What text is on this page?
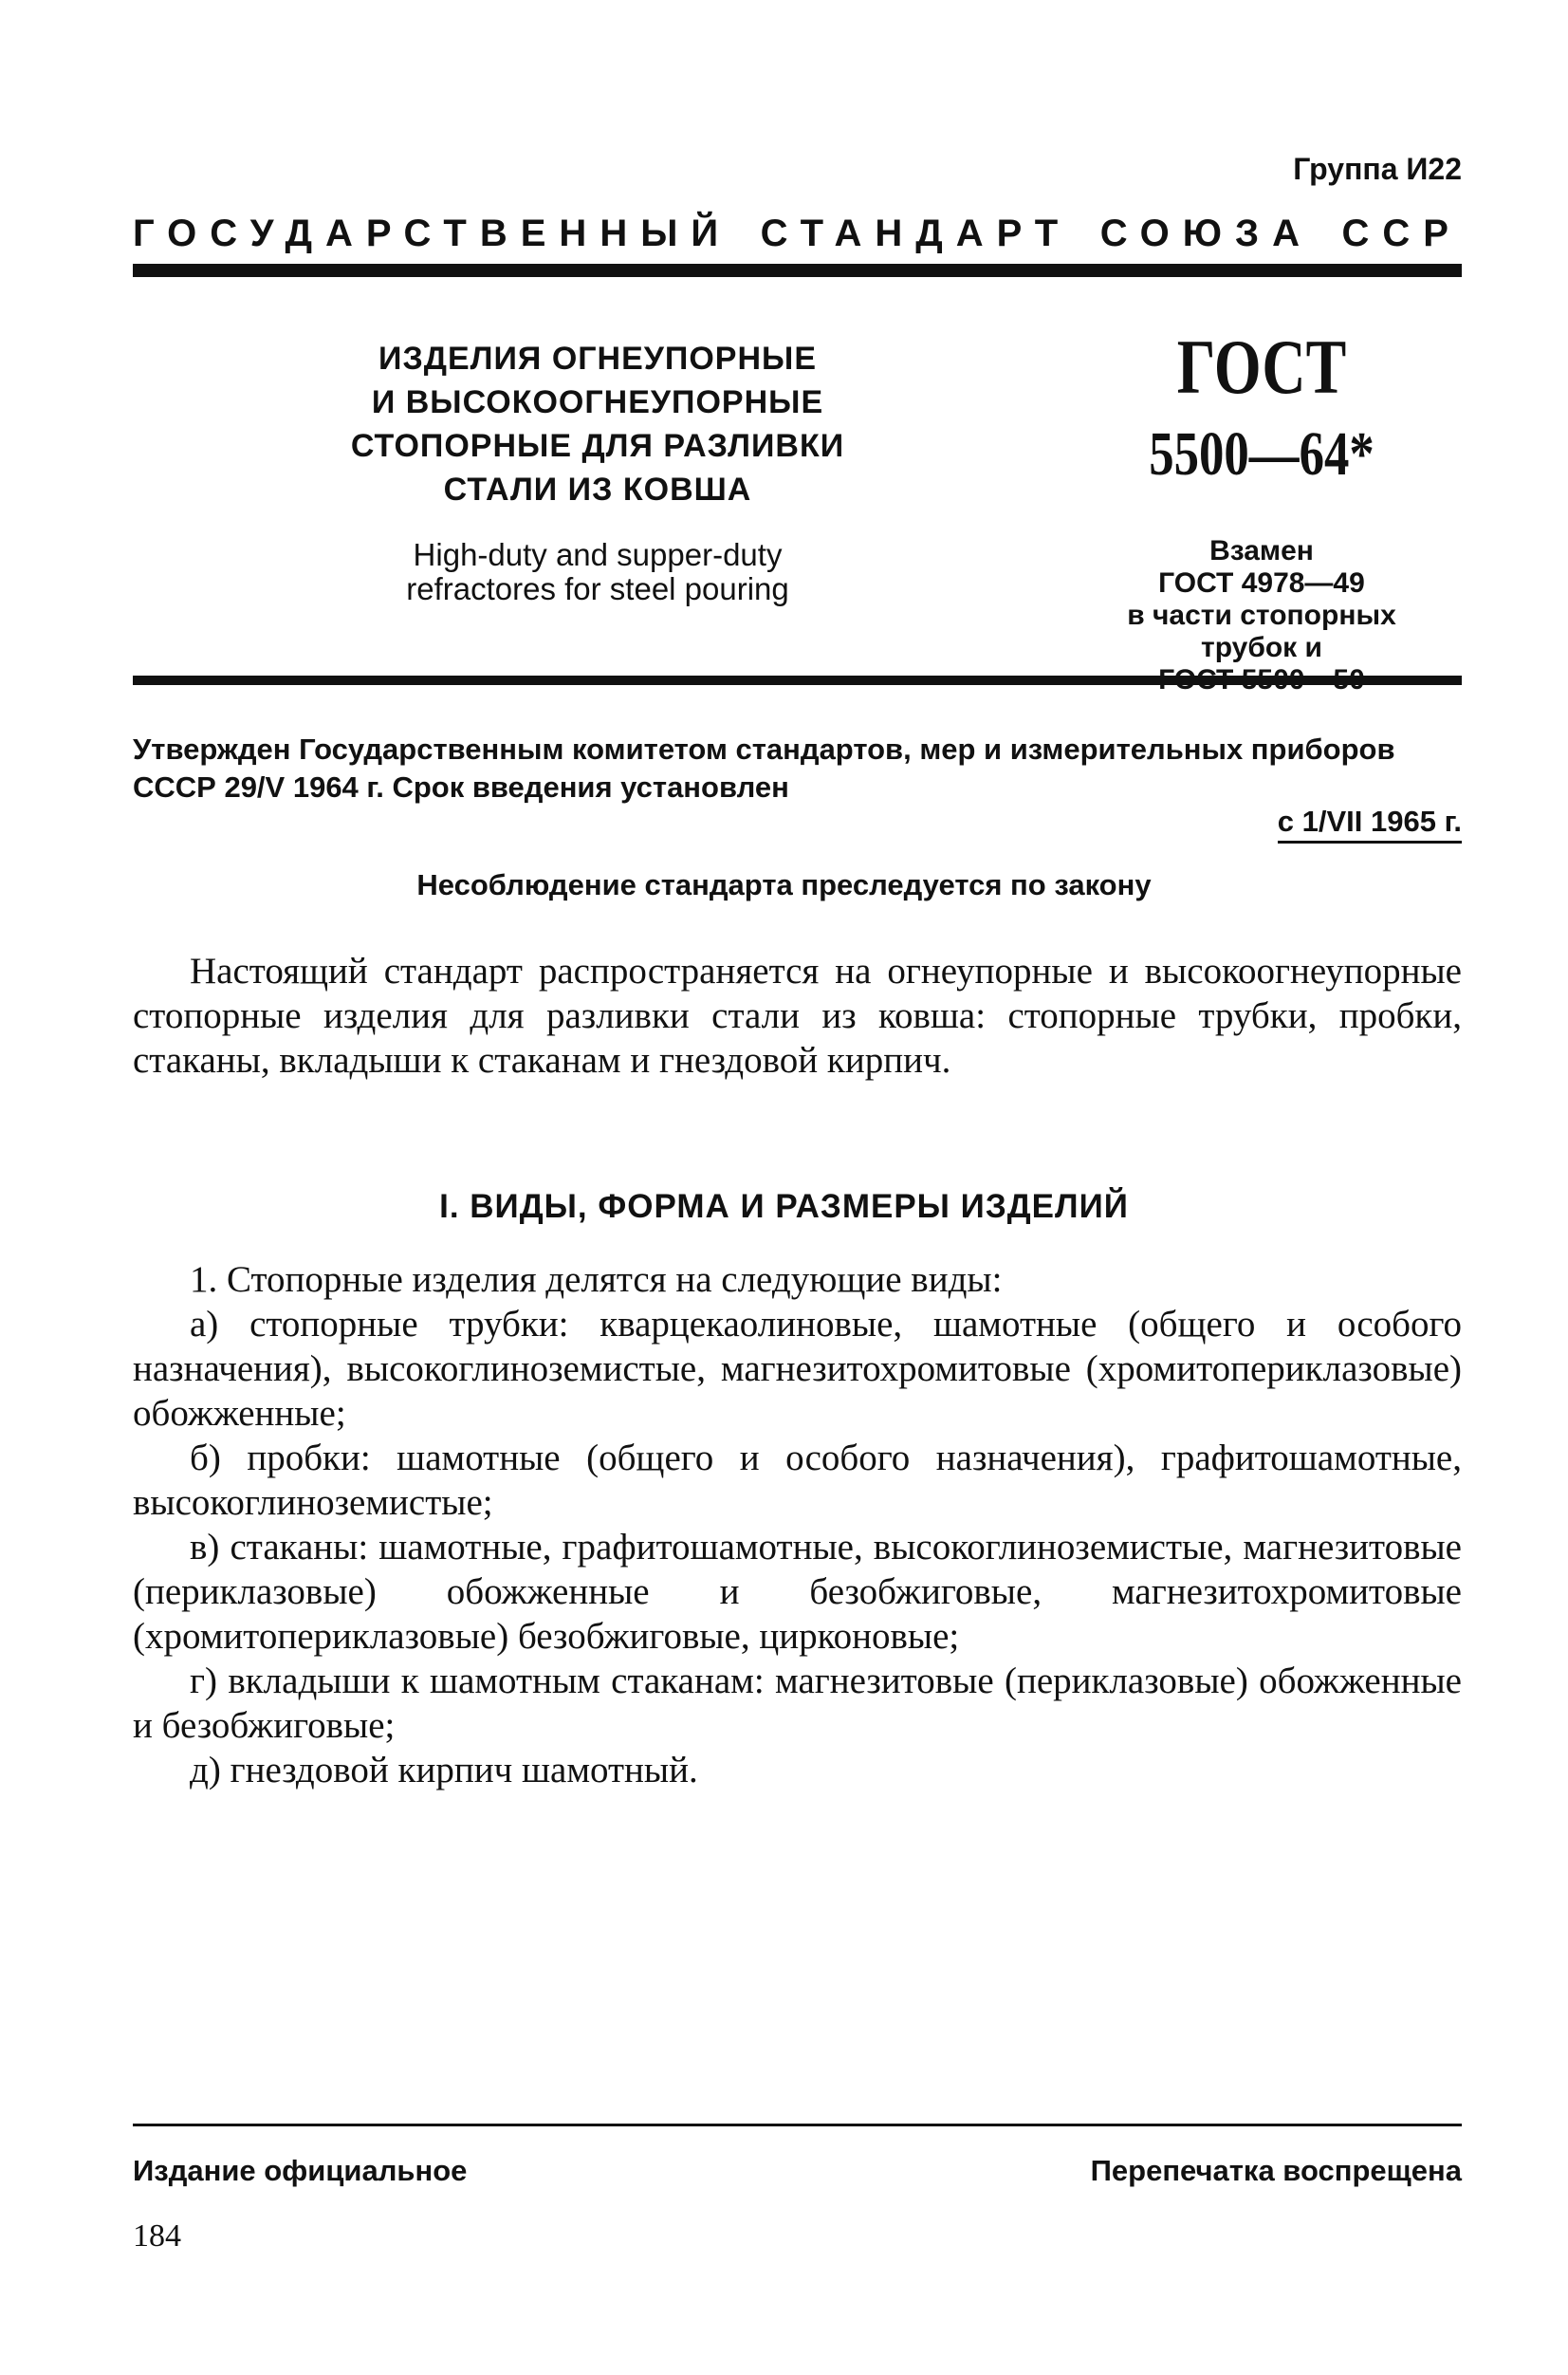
Группа И22
ГОСУДАРСТВЕННЫЙ СТАНДАРТ СОЮЗА ССР
ИЗДЕЛИЯ ОГНЕУПОРНЫЕ
И ВЫСОКООГНЕУПОРНЫЕ
СТОПОРНЫЕ ДЛЯ РАЗЛИВКИ
СТАЛИ ИЗ КОВША
High-duty and supper-duty
refractores for steel pouring
ГОСТ
5500—64*
Взамен
ГОСТ 4978—49
в части стопорных
трубок и
Утвержден Государственным комитетом стандартов, мер и измерительных приборов СССР 29/V 1964 г. Срок введения установлен
с 1/VII 1965 г.
Несоблюдение стандарта преследуется по закону
Настоящий стандарт распространяется на огнеупорные и высокоогнеупорные стопорные изделия для разливки стали из ковша: стопорные трубки, пробки, стаканы, вкладыши к стаканам и гнездовой кирпич.
I. ВИДЫ, ФОРМА И РАЗМЕРЫ ИЗДЕЛИЙ

1. Стопорные изделия делятся на следующие виды:

а) стопорные трубки: кварцекаолиновые, шамотные (общего и особого назначения), высокоглиноземистые, магнезитохромитовые (хромитопериклазовые) обожженные;

б) пробки: шамотные (общего и особого назначения), графитошамотные, высокоглиноземистые;

в) стаканы: шамотные, графитошамотные, высокоглиноземистые, магнезитовые (периклазовые) обожженные и безобжиговые, магнезитохромитовые (хромитопериклазовые) безобжиговые, цирконовые;

г) вкладыши к шамотным стаканам: магнезитовые (периклазовые) обожженные и безобжиговые;

д) гнездовой кирпич шамотный.

Издание официальное	Перепечатка воспрещена
184
